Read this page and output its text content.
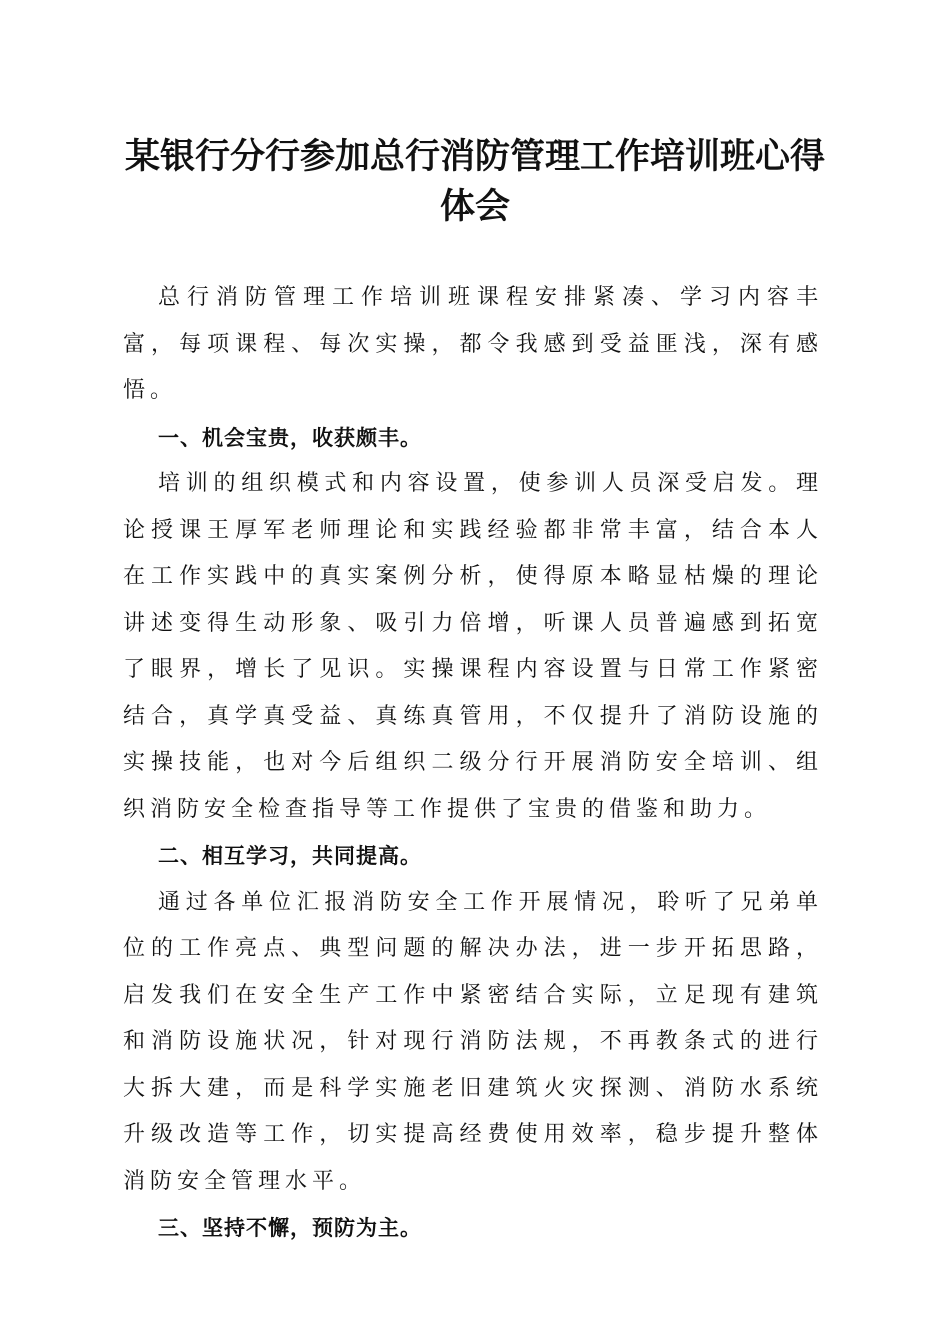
某银行分行参加总行消防管理工作培训班心得体会

总行消防管理工作培训班课程安排紧凑、学习内容丰富，每项课程、每次实操，都令我感到受益匪浅，深有感悟。

一、机会宝贵，收获颇丰。

培训的组织模式和内容设置，使参训人员深受启发。理论授课王厚军老师理论和实践经验都非常丰富，结合本人在工作实践中的真实案例分析，使得原本略显枯燥的理论讲述变得生动形象、吸引力倍增，听课人员普遍感到拓宽了眼界，增长了见识。实操课程内容设置与日常工作紧密结合，真学真受益、真练真管用，不仅提升了消防设施的实操技能，也对今后组织二级分行开展消防安全培训、组织消防安全检查指导等工作提供了宝贵的借鉴和助力。

二、相互学习，共同提高。

通过各单位汇报消防安全工作开展情况，聆听了兄弟单位的工作亮点、典型问题的解决办法，进一步开拓思路，启发我们在安全生产工作中紧密结合实际，立足现有建筑和消防设施状况，针对现行消防法规，不再教条式的进行大拆大建，而是科学实施老旧建筑火灾探测、消防水系统升级改造等工作，切实提高经费使用效率，稳步提升整体消防安全管理水平。

三、坚持不懈，预防为主。
